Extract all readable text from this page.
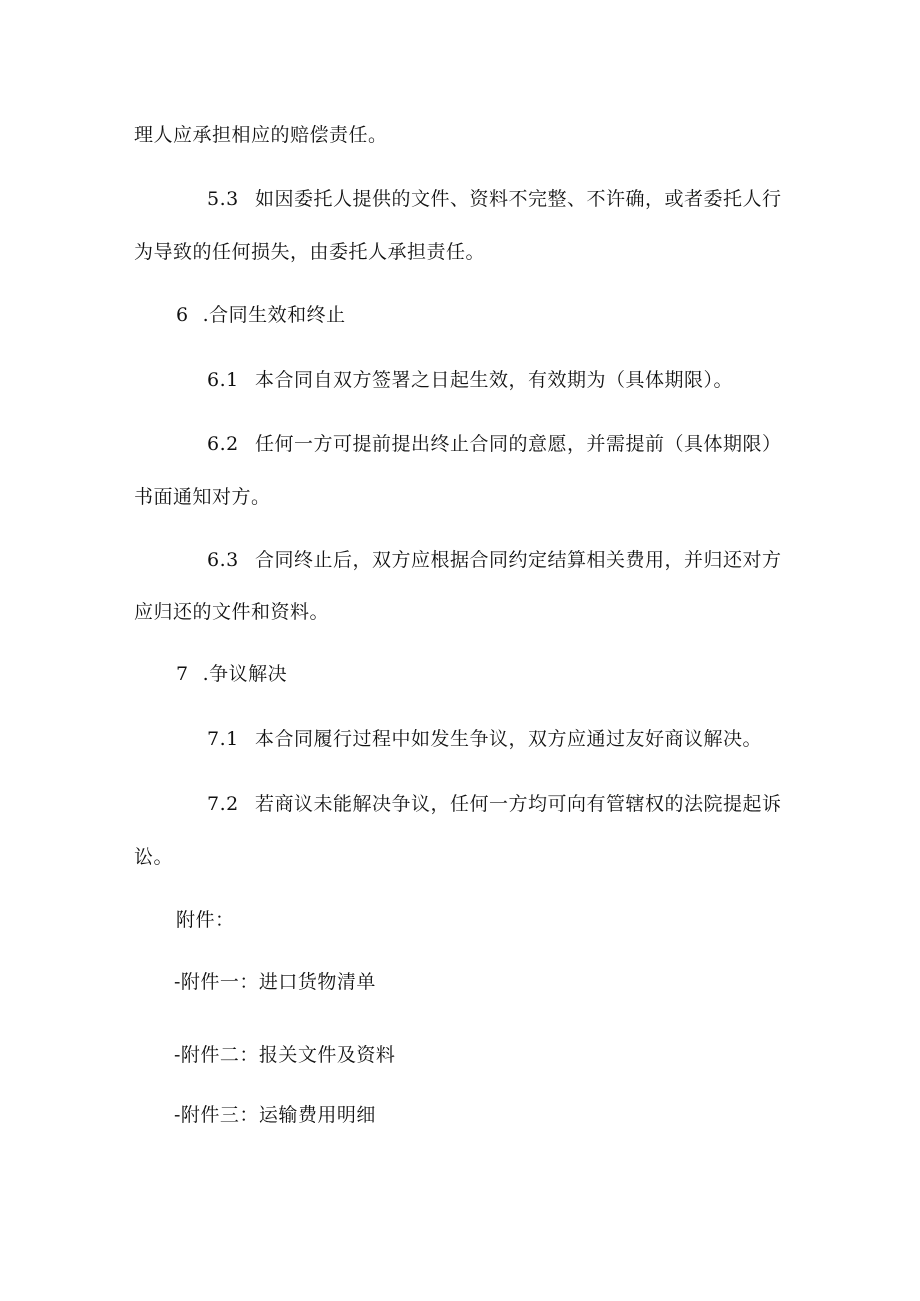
理人应承担相应的赔偿责任。
5.3 如因委托人提供的文件、资料不完整、不许确，或者委托人行
为导致的任何损失，由委托人承担责任。
6 .合同生效和终止
6.1 本合同自双方签署之日起生效，有效期为（具体期限）。
6.2 任何一方可提前提出终止合同的意愿，并需提前（具体期限）
书面通知对方。
6.3 合同终止后，双方应根据合同约定结算相关费用，并归还对方
应归还的文件和资料。
7 .争议解决
7.1 本合同履行过程中如发生争议，双方应通过友好商议解决。
7.2 若商议未能解决争议，任何一方均可向有管辖权的法院提起诉
讼。
附件：
-附件一：进口货物清单
-附件二：报关文件及资料
-附件三：运输费用明细
